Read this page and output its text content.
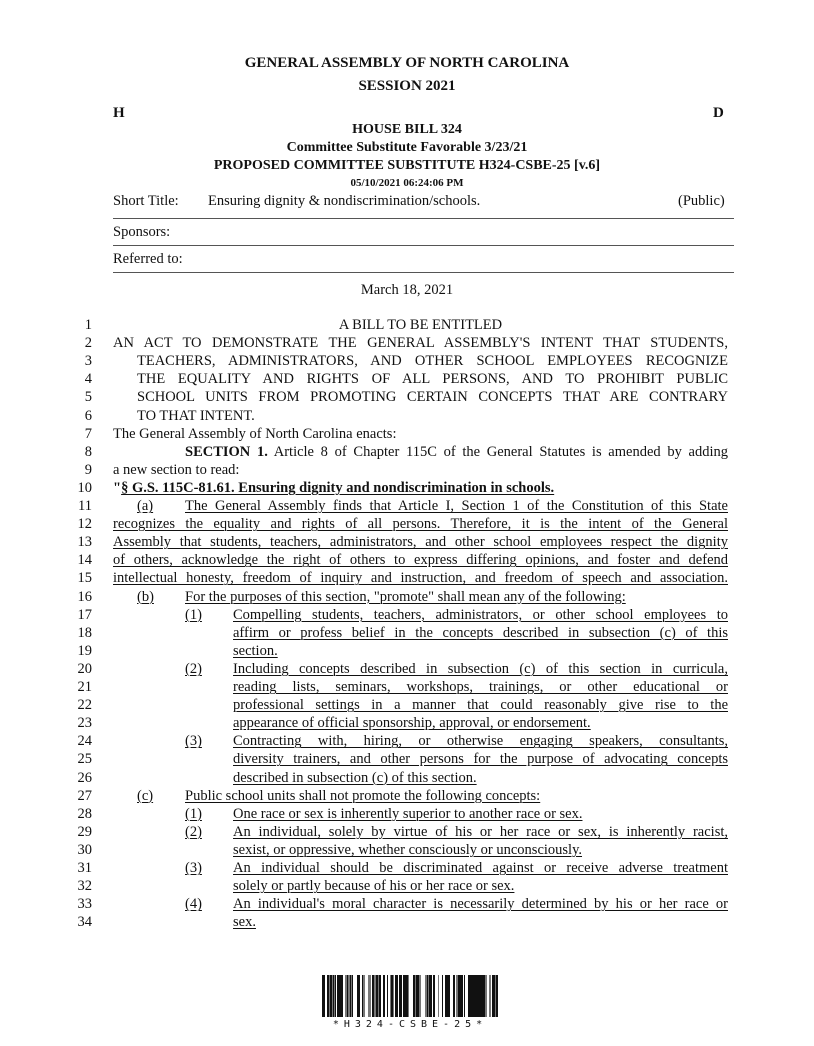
GENERAL ASSEMBLY OF NORTH CAROLINA
SESSION 2021
H	D
HOUSE BILL 324
Committee Substitute Favorable 3/23/21
PROPOSED COMMITTEE SUBSTITUTE H324-CSBE-25 [v.6]
05/10/2021 06:24:06 PM
Short Title: Ensuring dignity & nondiscrimination/schools.	(Public)
Sponsors:
Referred to:
March 18, 2021
1	A BILL TO BE ENTITLED
2 AN ACT TO DEMONSTRATE THE GENERAL ASSEMBLY'S INTENT THAT STUDENTS,
3	TEACHERS, ADMINISTRATORS, AND OTHER SCHOOL EMPLOYEES RECOGNIZE
4	THE EQUALITY AND RIGHTS OF ALL PERSONS, AND TO PROHIBIT PUBLIC
5	SCHOOL UNITS FROM PROMOTING CERTAIN CONCEPTS THAT ARE CONTRARY
6	TO THAT INTENT.
7 The General Assembly of North Carolina enacts:
8	SECTION 1. Article 8 of Chapter 115C of the General Statutes is amended by adding
9 a new section to read:
10 "§ G.S. 115C-81.61. Ensuring dignity and nondiscrimination in schools.
11	(a) The General Assembly finds that Article I, Section 1 of the Constitution of this State
12 recognizes the equality and rights of all persons. Therefore, it is the intent of the General
13 Assembly that students, teachers, administrators, and other school employees respect the dignity
14 of others, acknowledge the right of others to express differing opinions, and foster and defend
15 intellectual honesty, freedom of inquiry and instruction, and freedom of speech and association.
16	(b) For the purposes of this section, "promote" shall mean any of the following:
17	(1) Compelling students, teachers, administrators, or other school employees to
18	affirm or profess belief in the concepts described in subsection (c) of this
19	section.
20	(2) Including concepts described in subsection (c) of this section in curricula,
21	reading lists, seminars, workshops, trainings, or other educational or
22	professional settings in a manner that could reasonably give rise to the
23	appearance of official sponsorship, approval, or endorsement.
24	(3) Contracting with, hiring, or otherwise engaging speakers, consultants,
25	diversity trainers, and other persons for the purpose of advocating concepts
26	described in subsection (c) of this section.
27	(c) Public school units shall not promote the following concepts:
28	(1) One race or sex is inherently superior to another race or sex.
29	(2) An individual, solely by virtue of his or her race or sex, is inherently racist,
30	sexist, or oppressive, whether consciously or unconsciously.
31	(3) An individual should be discriminated against or receive adverse treatment
32	solely or partly because of his or her race or sex.
33	(4) An individual's moral character is necessarily determined by his or her race or
34	sex.
*H324-CSBE-25*
